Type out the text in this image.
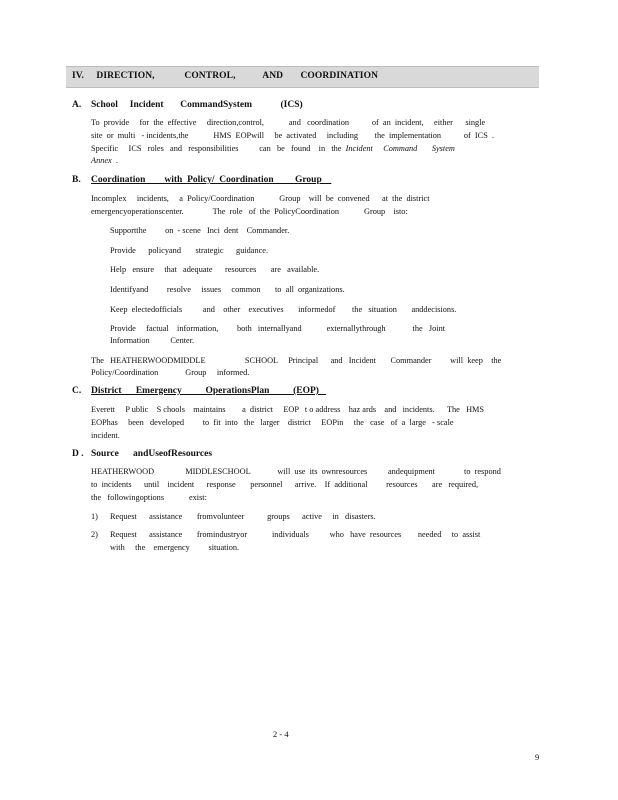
IV.     DIRECTION,            CONTROL,           AND       COORDINATION
A. School     Incident       CommandSystem            (ICS)
To  provide     for  the  effective     direction,control,            and   coordination           of  an  incident,     either      single
site  or  multi   - incidents,the            HMS  EOPwill     be  activated     including        the  implementation           of  ICS  .
Specific     ICS   roles   and   responsibilities          can   be   found    in   the  Incident     Command       System
Annex  .
B. Coordination        with  Policy/  Coordination         Group
Incomplex     incidents,     a  Policy/Coordination            Group    will  be  convened      at  the  district
emergencyoperationscenter.              The  role   of  the  PolicyCoordination            Group    isto:
Supportthe         on  - scene   Inci  dent    Commander.
Provide      policyand       strategic      guidance.
Help   ensure     that   adequate      resources       are   available.
Identifyand         resolve     issues     common       to  all  organizations.
Keep  electedofficials          and    other    executives       informedof        the   situation       anddecisions.
Provide     factual    information,         both   internallyand            externallythrough             the   Joint
Information          Center.
The   HEATHERWOODMIDDLE                   SCHOOL     Principal      and   Incident       Commander         will  keep    the
Policy/Coordination             Group     informed.
C. District      Emergency          OperationsPlan          (EOP)
Everett     P ublic    S chools    maintains        a  district     EOP   t o address    haz ards    and   incidents.      The   HMS
EOPhas     been   developed         to  fit  into   the   larger    district     EOPin     the   case   of  a  large   - scale
incident.
D . Source      andUseofResources
HEATHERWOOD               MIDDLESCHOOL             will  use  its  ownresources          andequipment              to  respond
to  incidents      until    incident      response       personnel      arrive.    If  additional         resources       are   required,
the   followingoptions            exist:
1) Request      assistance       fromvolunteer           groups      active     in   disasters.
2) Request      assistance       fromindustryor            individuals          who   have  resources        needed     to  assist
with     the    emergency         situation.
2 - 4
9
